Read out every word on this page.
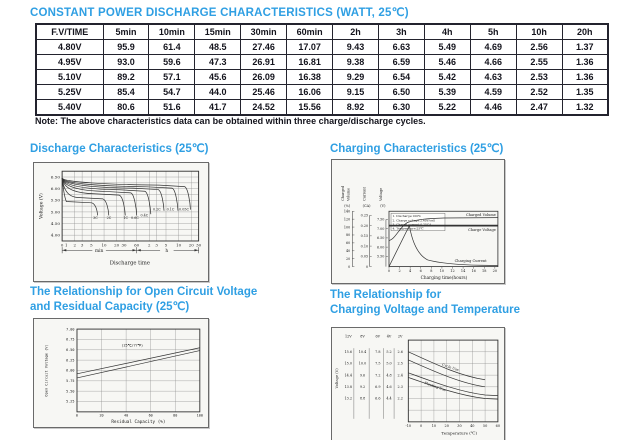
CONSTANT POWER DISCHARGE CHARACTERISTICS (WATT, 25℃)
F.V/TIME	5min	10min	15min	30min	60min	2h	3h	4h	5h	10h	20h
4.80V	95.9	61.4	48.5	27.46	17.07	9.43	6.63	5.49	4.69	2.56	1.37
4.95V	93.0	59.6	47.3	26.91	16.81	9.38	6.59	5.46	4.66	2.55	1.36
5.10V	89.2	57.1	45.6	26.09	16.38	9.29	6.54	5.42	4.63	2.53	1.36
5.25V	85.4	54.7	44.0	25.46	16.06	9.15	6.50	5.39	4.59	2.52	1.35
5.40V	80.6	51.6	41.7	24.52	15.56	8.92	6.30	5.22	4.46	2.47	1.32
Note: The above characteristics data can be obtained within three charge/discharge cycles.
Discharge Characteristics (25℃)	Charging Characteristics (25℃)
6.50
6.00
5.50
5.00
4.50
4.00
0 1 2 3 5 10 20 30 60 2 3 5 10 20 30
Voltage (V)	3C	2C	1C 0.6C
0.4C
0.2C 0.1C 0.05C
min	h
Discharge time
Charged Volume
(%)
Current
(CA)
Voltage
(V)
140
120
100
80
60
40
20
0
0.25
0.20
0.15
0.10
0.05
0
7.50
7.00
6.50
6.00
5.50
0 2 4 6 8 10 12 14 16 18 20
Charging time(hours)
1. Discharge:100%
2. Charge voltage:2.40V/cell
3. Charge current:0.25CA
4. Temperature:25℃
Charged Volume
Charge Voltage
Charging Current
The Relationship for Open Circuit Voltage
and Residual Capacity (25℃)
The Relationship for
Charging Voltage and Temperature
7.00
6.75
6.50
6.25
6.00
5.75
5.50
5.25
(25℃/77℉)
0	20	40	60	80	100
Residual Capacity (%)
Open Circuit Voltage (V)
12V
15.6
15.0
14.4
13.8
13.2
8V
10.4
10.0
9.6
9.2
8.8
6V
7.8
7.5
7.2
6.9
6.6
4V
5.2
5.0
4.8
4.6
4.4
2V
2.6
2.5
2.4
2.3
2.2
Cycle Use
Floating Use
-10	0	10 20 30 40 50 60
Temperature (℃)
Voltage (V)
